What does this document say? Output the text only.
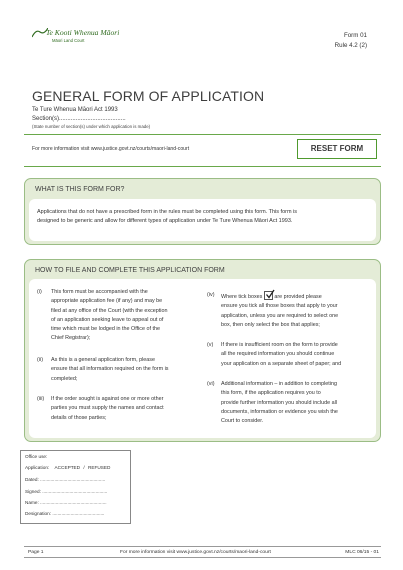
Te Kooti Whenua Māori
Māori Land Court
Form 01
Rule 4.2 (2)
GENERAL FORM OF APPLICATION
Te Ture Whenua Māori Act 1993
Section(s)........................................
(State number of section(s) under which application is made)
For more information visit www.justice.govt.nz/courts/maori-land-court	RESET FORM
WHAT IS THIS FORM FOR?
Applications that do not have a prescribed form in the rules must be completed using this form. This form is
designed to be generic and allow for different types of application under Te Ture Whenua Māori Act 1993.
HOW TO FILE AND COMPLETE THIS APPLICATION FORM
(i) This form must be accompanied with the
appropriate application fee (if any) and may be
filed at any office of the Court (with the exception
of an application seeking leave to appeal out of
time which must be lodged in the Office of the
Chief Registrar);
(ii) As this is a general application form, please
ensure that all information required on the form is
completed;
(iii) If the order sought is against one or more other
parties you must supply the names and contact
details of those parties;
(iv) Where tick boxes are provided please
ensure you tick all those boxes that apply to your
application, unless you are required to select one
box, then only select the box that applies;
(v) If there is insufficient room on the form to provide
all the required information you should continue
your application on a separate sheet of paper; and
(vi) Additional information – in addition to completing
this form, if the application requires you to
provide further information you should include all
documents, information or evidence you wish the
Court to consider.
Office use:
Application: ACCEPTED / REFUSED
Dated: ..................................................
Signed: ..................................................
Name: ...................................................
Designation: ........................................
Page 1	For more information visit www.justice.govt.nz/courts/maori-land-court	MLC 06/15 - 01
